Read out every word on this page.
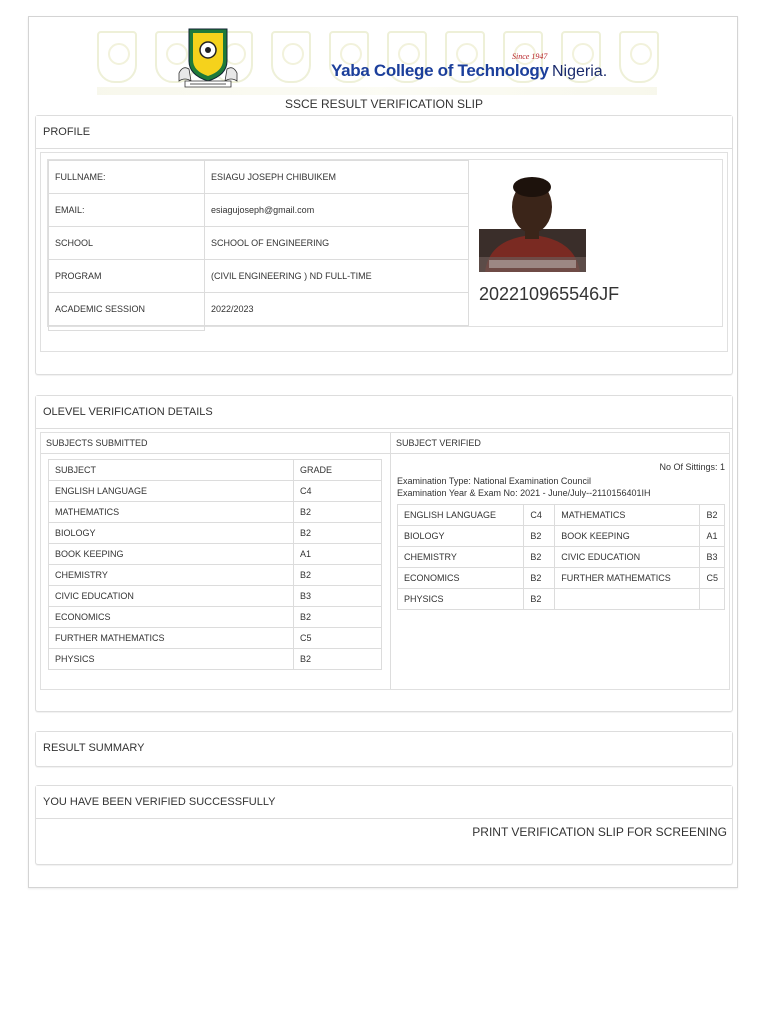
Yaba College of Technology
Since 1947
Nigeria.
SSCE RESULT VERIFICATION SLIP
PROFILE
FULLNAME:	ESIAGU JOSEPH CHIBUIKEM
EMAIL:	esiagujoseph@gmail.com
SCHOOL	SCHOOL OF ENGINEERING
PROGRAM	(CIVIL ENGINEERING ) ND FULL-TIME
ACADEMIC SESSION	2022/2023

202210965546JF
OLEVEL VERIFICATION DETAILS
SUBJECTS SUBMITTED
SUBJECT	GRADE
ENGLISH LANGUAGE	C4
MATHEMATICS	B2
BIOLOGY	B2
BOOK KEEPING	A1
CHEMISTRY	B2
CIVIC EDUCATION	B3
ECONOMICS	B2
FURTHER MATHEMATICS	C5
PHYSICS	B2
SUBJECT VERIFIED
No Of Sittings: 1
Examination Type: National Examination Council
Examination Year & Exam No: 2021 - June/July--2110156401IH
ENGLISH LANGUAGE	C4	MATHEMATICS	B2
BIOLOGY	B2	BOOK KEEPING	A1
CHEMISTRY	B2	CIVIC EDUCATION	B3
ECONOMICS	B2	FURTHER MATHEMATICS	C5
PHYSICS	B2		
RESULT SUMMARY
YOU HAVE BEEN VERIFIED SUCCESSFULLY
PRINT VERIFICATION SLIP FOR SCREENING
